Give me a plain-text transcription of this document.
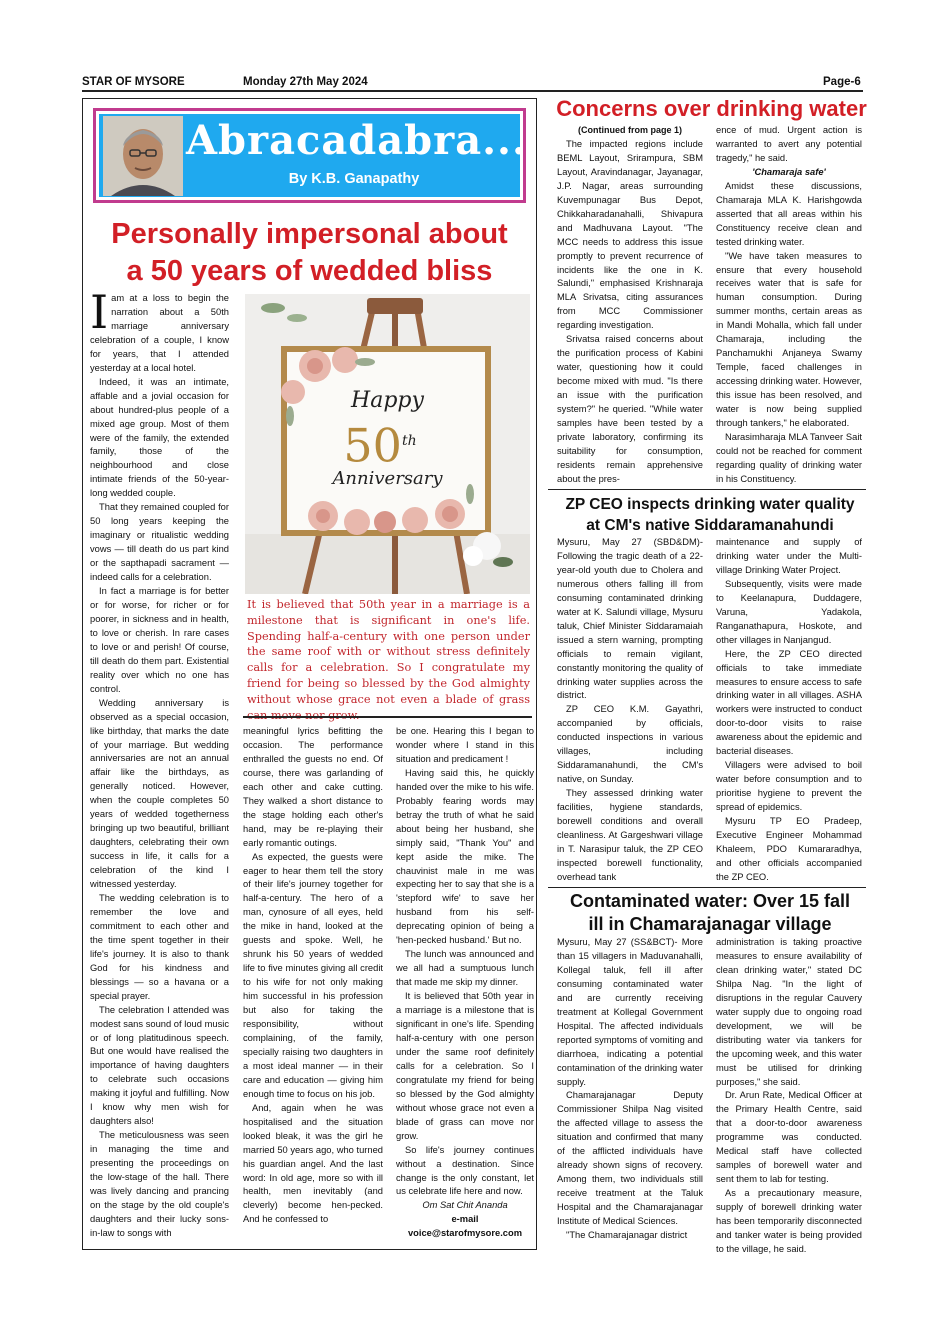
STAR OF MYSORE	Monday 27th May 2024	Page-6
Abracadabra...
By K.B. Ganapathy
Personally impersonal about
a 50 years of wedded bliss
I am at a loss to begin the narration about a 50th marriage anniversary celebration of a couple, I know for years, that I attended yesterday at a local hotel.

Indeed, it was an intimate, affable and a jovial occasion for about hundred-plus people of a mixed age group. Most of them were of the family, the extended family, those of the neighbourhood and close intimate friends of the 50-year-long wedded couple.

That they remained coupled for 50 long years keeping the imaginary or ritualistic wedding vows — till death do us part kind or the sapthapadi sacrament — indeed calls for a celebration.

In fact a marriage is for better or for worse, for richer or for poorer, in sickness and in health, to love or cherish. In rare cases to love or and perish! Of course, till death do them part. Existential reality over which no one has control.

Wedding anniversary is observed as a special occasion, like birthday, that marks the date of your marriage. But wedding anniversaries are not an annual affair like the birthdays, as generally noticed. However, when the couple completes 50 years of wedded togetherness bringing up two beautiful, brilliant daughters, celebrating their own success in life, it calls for a celebration of the kind I witnessed yesterday.

The wedding celebration is to remember the love and commitment to each other and the time spent together in their life's journey. It is also to thank God for his kindness and blessings — so a havana or a special prayer.

The celebration I attended was modest sans sound of loud music or of long platitudinous speech. But one would have realised the importance of having daughters to celebrate such occasions making it joyful and fulfilling. Now I know why men wish for daughters also!

The meticulousness was seen in managing the time and presenting the proceedings on the low-stage of the hall. There was lively dancing and prancing on the stage by the old couple's daughters and their lucky sons-in-law to songs with

Happy
50th
Anniversary
It is believed that 50th year in a marriage is a milestone that is significant in one's life. Spending half-a-century with one person under the same roof with or without stress definitely calls for a celebration. So I congratulate my friend for being so blessed by the God almighty without whose grace not even a blade of grass

meaningful lyrics befitting the occasion. The performance enthralled the guests no end. Of course, there was garlanding of each other and cake cutting. They walked a short distance to the stage holding each other's hand, may be re-playing their early romantic outings.

As expected, the guests were eager to hear them tell the story of their life's journey together for half-a-century. The hero of a man, cynosure of all eyes, held the mike in hand, looked at the guests and spoke. Well, he shrunk his 50 years of wedded life to five minutes giving all credit to his wife for not only making him successful in his profession but also for taking the responsibility, without complaining, of the family, specially raising two daughters in a most ideal manner — in their care and education — giving him enough time to focus on his job.

And, again when he was hospitalised and the situation looked bleak, it was the girl he married 50 years ago, who turned his guardian angel. And the last word: In old age, more so with ill health, men inevitably (and cleverly) become hen-pecked. And he confessed to

be one. Hearing this I began to wonder where I stand in this situation and predicament !

Having said this, he quickly handed over the mike to his wife. Probably fearing words may betray the truth of what he said about being her husband, she simply said, "Thank You" and kept aside the mike. The chauvinist male in me was expecting her to say that she is a 'stepford wife' to save her husband from his self-deprecating opinion of being a 'hen-pecked husband.' But no.

The lunch was announced and we all had a sumptuous lunch that made me skip my dinner.

It is believed that 50th year in a marriage is a milestone that is significant in one's life. Spending half-a-century with one person under the same roof definitely calls for a celebration. So I congratulate my friend for being so blessed by the God almighty without whose grace not even a blade of grass can move nor grow.

So life's journey continues without a destination. Since change is the only constant, let us celebrate life here and now.

Om Sat Chit Ananda
e-mail
voice@starofmysore.com
Concerns over drinking water
(Continued from page 1)

The impacted regions include BEML Layout, Srirampura, SBM Layout, Aravindanagar, Jayanagar, J.P. Nagar, areas surrounding Kuvempunagar Bus Depot, Chikkaharadanahalli, Shivapura and Madhuvana Layout. "The MCC needs to address this issue promptly to prevent recurrence of incidents like the one in K. Salundi," emphasised Krishnaraja MLA Srivatsa, citing assurances from MCC Commissioner regarding investigation.

Srivatsa raised concerns about the purification process of Kabini water, questioning how it could become mixed with mud. "Is there an issue with the purification system?" he queried. "While water samples have been tested by a private laboratory, confirming its suitability for consumption, residents remain apprehensive about the pres-

ence of mud. Urgent action is warranted to avert any potential tragedy," he said.

'Chamaraja safe'

Amidst these discussions, Chamaraja MLA K. Harishgowda asserted that all areas within his Constituency receive clean and tested drinking water.

"We have taken measures to ensure that every household receives water that is safe for human consumption. During summer months, certain areas as in Mandi Mohalla, which fall under Chamaraja, including the Panchamukhi Anjaneya Swamy Temple, faced challenges in accessing drinking water. However, this issue has been resolved, and water is now being supplied through tankers," he elaborated.

Narasimharaja MLA Tanveer Sait could not be reached for comment regarding quality of drinking water in his Constituency.

ZP CEO inspects drinking water quality
at CM's native Siddaramanahundi

Mysuru, May 27 (SBD&DM)- Following the tragic death of a 22-year-old youth due to Cholera and numerous others falling ill from consuming contaminated drinking water at K. Salundi village, Mysuru taluk, Chief Minister Siddaramaiah issued a stern warning, prompting officials to remain vigilant, constantly monitoring the quality of drinking water supplies across the district.

ZP CEO K.M. Gayathri, accompanied by officials, conducted inspections in various villages, including Siddaramanahundi, the CM's native, on Sunday.

They assessed drinking water facilities, hygiene standards, borewell conditions and overall cleanliness. At Gargeshwari village in T. Narasipur taluk, the ZP CEO inspected borewell functionality, overhead tank

maintenance and supply of drinking water under the Multi-village Drinking Water Project.

Subsequently, visits were made to Keelanapura, Duddagere, Varuna, Yadakola, Ranganathapura, Hoskote, and other villages in Nanjangud.

Here, the ZP CEO directed officials to take immediate measures to ensure access to safe drinking water in all villages. ASHA workers were instructed to conduct door-to-door visits to raise awareness about the epidemic and bacterial diseases.

Villagers were advised to boil water before consumption and to prioritise hygiene to prevent the spread of epidemics.

Mysuru TP EO Pradeep, Executive Engineer Mohammad Khaleem, PDO Kumararadhya, and other officials accompanied the ZP CEO.

Contaminated water: Over 15 fall
ill in Chamarajanagar village

Mysuru, May 27 (SS&BCT)- More than 15 villagers in Maduvanahalli, Kollegal taluk, fell ill after consuming contaminated water and are currently receiving treatment at Kollegal Government Hospital. The affected individuals reported symptoms of vomiting and diarrhoea, indicating a potential contamination of the drinking water supply.

Chamarajanagar Deputy Commissioner Shilpa Nag visited the affected village to assess the situation and confirmed that many of the afflicted individuals have already shown signs of recovery. Among them, two individuals still receive treatment at the Taluk Hospital and the Chamarajanagar Institute of Medical Sciences.

"The Chamarajanagar district

administration is taking proactive measures to ensure availability of clean drinking water," stated DC Shilpa Nag. "In the light of disruptions in the regular Cauvery water supply due to ongoing road development, we will be distributing water via tankers for the upcoming week, and this water must be utilised for drinking purposes," she said.

Dr. Arun Rate, Medical Officer at the Primary Health Centre, said that a door-to-door awareness programme was conducted. Medical staff have collected samples of borewell water and sent them to lab for testing.

As a precautionary measure, supply of borewell drinking water has been temporarily disconnected and tanker water is being provided to the village, he said.
